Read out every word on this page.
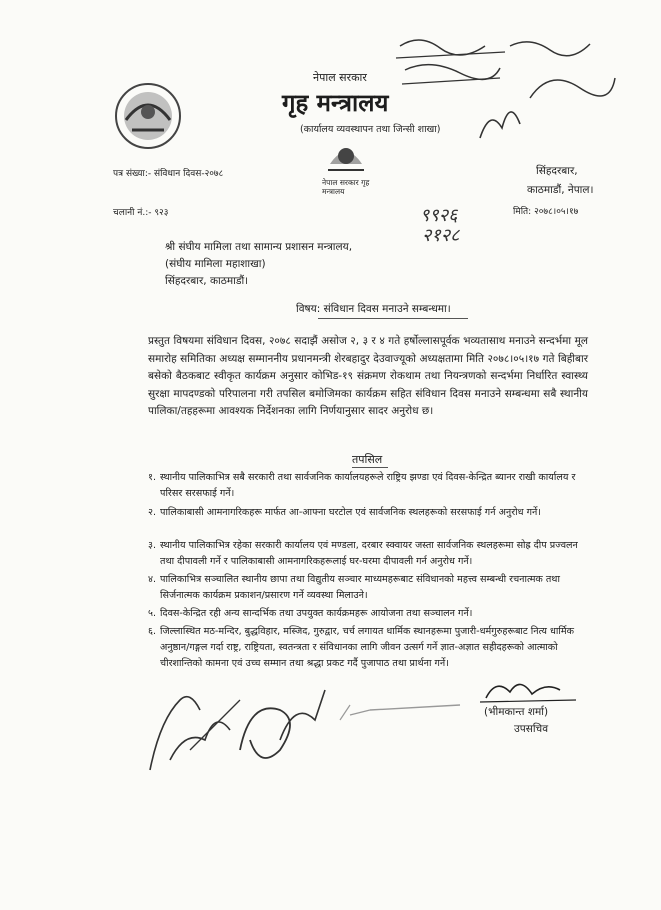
नेपाल सरकार
गृह मन्त्रालय
(कार्यालय व्यवस्थापन तथा जिन्सी शाखा)
नेपाल सरकार गृह मन्त्रालय
पत्र संख्या:- संविधान दिवस-२०७८
चलानी नं.:- ९२३
सिंहदरबार,
काठमाडौं, नेपाल।
मिति: २०७८।०५।१७
९९२६
२१२८
श्री संघीय मामिला तथा सामान्य प्रशासन मन्त्रालय,
(संघीय मामिला महाशाखा)
सिंहदरबार, काठमाडौं।
विषय: संविधान दिवस मनाउने सम्बन्धमा।
प्रस्तुत विषयमा संविधान दिवस, २०७८ सदाझैं असोज २, ३ र ४ गते हर्षोल्लासपूर्वक भव्यतासाथ मनाउने सन्दर्भमा मूल समारोह समितिका अध्यक्ष सम्माननीय प्रधानमन्त्री शेरबहादुर देउवाज्यूको अध्यक्षतामा मिति २०७८।०५।१७ गते बिहीबार बसेको बैठकबाट स्वीकृत कार्यक्रम अनुसार कोभिड-१९ संक्रमण रोकथाम तथा नियन्त्रणको सन्दर्भमा निर्धारित स्वास्थ्य सुरक्षा मापदण्डको परिपालना गरी तपसिल बमोजिमका कार्यक्रम सहित संविधान दिवस मनाउने सम्बन्धमा सबै स्थानीय पालिका/तहहरूमा आवश्यक निर्देशनका लागि निर्णयानुसार सादर अनुरोध छ।
तपसिल
१. स्थानीय पालिकाभित्र सबै सरकारी तथा सार्वजनिक कार्यालयहरूले राष्ट्रिय झण्डा एवं दिवस-केन्द्रित ब्यानर राखी कार्यालय र परिसर सरसफाई गर्ने।
२. पालिकाबासी आमनागरिकहरू मार्फत आ-आफ्ना घरटोल एवं सार्वजनिक स्थलहरूको सरसफाई गर्न अनुरोध गर्ने।
३. स्थानीय पालिकाभित्र रहेका सरकारी कार्यालय एवं मण्डला, दरबार स्क्वायर जस्ता सार्वजनिक स्थलहरूमा सोह्र दीप प्रज्वलन तथा दीपावली गर्ने र पालिकाबासी आमनागरिकहरूलाई घर-घरमा दीपावली गर्न अनुरोध गर्ने।
४. पालिकाभित्र सञ्चालित स्थानीय छापा तथा विद्युतीय सञ्चार माध्यमहरूबाट संविधानको महत्त्व सम्बन्धी रचनात्मक तथा सिर्जनात्मक कार्यक्रम प्रकाशन/प्रसारण गर्ने व्यवस्था मिलाउने।
५. दिवस-केन्द्रित रही अन्य सान्दर्भिक तथा उपयुक्त कार्यक्रमहरू आयोजना तथा सञ्चालन गर्ने।
६. जिल्लास्थित मठ-मन्दिर, बुद्धविहार, मस्जिद, गुरुद्वार, चर्च लगायत धार्मिक स्थानहरूमा पुजारी-धर्मगुरुहरूबाट नित्य धार्मिक अनुष्ठान/गङ्गल गर्दा राष्ट्र, राष्ट्रियता, स्वतन्त्रता र संविधानका लागि जीवन उत्सर्ग गर्ने ज्ञात-अज्ञात सहीदहरूको आत्माको चीरशान्तिको कामना एवं उच्च सम्मान तथा श्रद्धा प्रकट गर्दै पुजापाठ तथा प्रार्थना गर्ने।
(भीमकान्त शर्मा)
उपसचिव
